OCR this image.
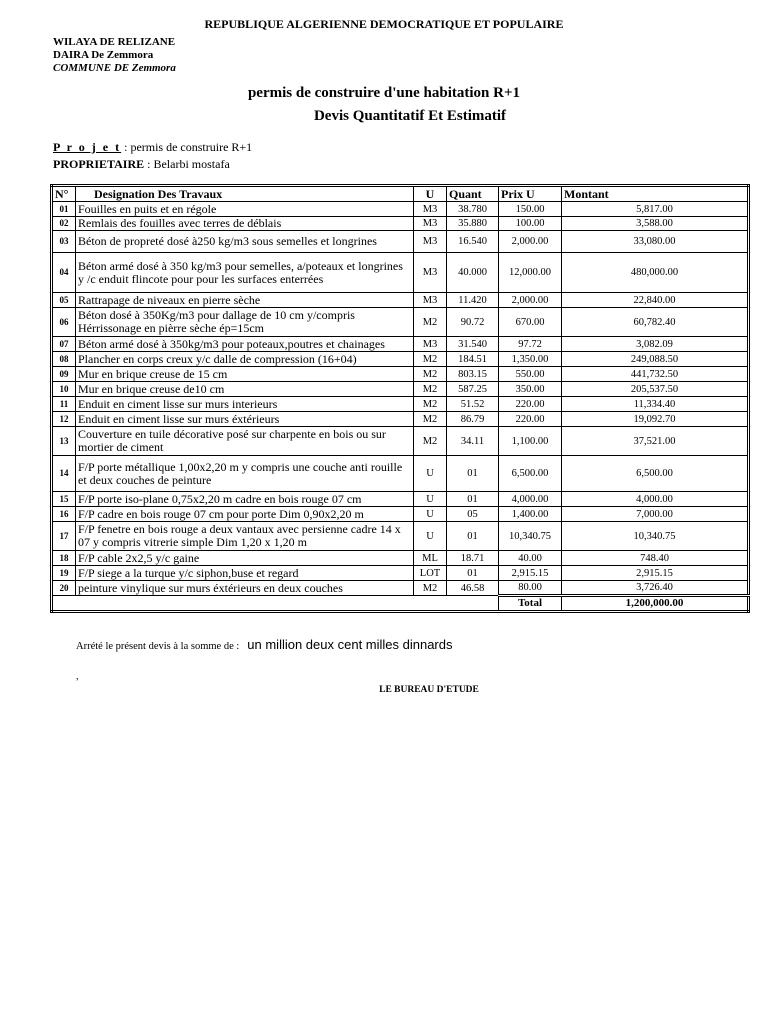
REPUBLIQUE ALGERIENNE DEMOCRATIQUE ET POPULAIRE
WILAYA DE RELIZANE
DAIRA De Zemmora
COMMUNE DE Zemmora
permis de construire d'une habitation R+1
Devis Quantitatif Et Estimatif
P r o j e t : permis de construire R+1
PROPRIETAIRE : Belarbi mostafa
N°	Designation Des Travaux	U	Quant	Prix U	Montant
01	Fouilles en puits et en régole	M3	38.780	150.00	5,817.00
02	Remlais des fouilles avec terres de déblais	M3	35.880	100.00	3,588.00
03	Béton de propreté dosé à250 kg/m3 sous semelles et longrines	M3	16.540	2,000.00	33,080.00
04	Béton armé dosé à 350 kg/m3 pour semelles, a/poteaux et longrines y /c enduit flincote pour pour les surfaces enterrées	M3	40.000	12,000.00	480,000.00
05	Rattrapage de niveaux en pierre sèche	M3	11.420	2,000.00	22,840.00
06	Béton dosé à 350Kg/m3 pour dallage de 10 cm y/compris Hérrissonage en pièrre sèche ép=15cm	M2	90.72	670.00	60,782.40
07	Béton armé dosé à 350kg/m3 pour poteaux,poutres et chainages	M3	31.540	97.72	3,082.09
08	Plancher en corps creux y/c dalle de compression (16+04)	M2	184.51	1,350.00	249,088.50
09	Mur en brique creuse de 15 cm	M2	803.15	550.00	441,732.50
10	Mur en brique creuse de10 cm	M2	587.25	350.00	205,537.50
11	Enduit en ciment lisse sur murs interieurs	M2	51.52	220.00	11,334.40
12	Enduit en ciment lisse sur murs éxtérieurs	M2	86.79	220.00	19,092.70
13	Couverture en tuile décorative posé sur charpente en bois ou sur mortier de ciment	M2	34.11	1,100.00	37,521.00
14	F/P porte métallique 1,00x2,20 m y compris une couche anti rouille et deux couches de peinture	U	01	6,500.00	6,500.00
15	F/P porte iso-plane 0,75x2,20 m cadre en bois rouge 07 cm	U	01	4,000.00	4,000.00
16	F/P cadre en bois rouge 07 cm pour porte Dim 0,90x2,20 m	U	05	1,400.00	7,000.00
17	F/P fenetre en bois rouge a deux vantaux avec persienne cadre 14 x 07 y compris vitrerie simple Dim 1,20 x 1,20 m	U	01	10,340.75	10,340.75
18	F/P cable 2x2,5 y/c gaine	ML	18.71	40.00	748.40
19	F/P siege a la turque y/c siphon,buse et regard	LOT	01	2,915.15	2,915.15
20	peinture vinylique sur murs éxtérieurs en deux couches	M2	46.58	80.00	3,726.40
				Total	1,200,000.00
Arrété le présent devis à la somme de : un million deux cent milles dinnards
,
LE BUREAU D'ETUDE
